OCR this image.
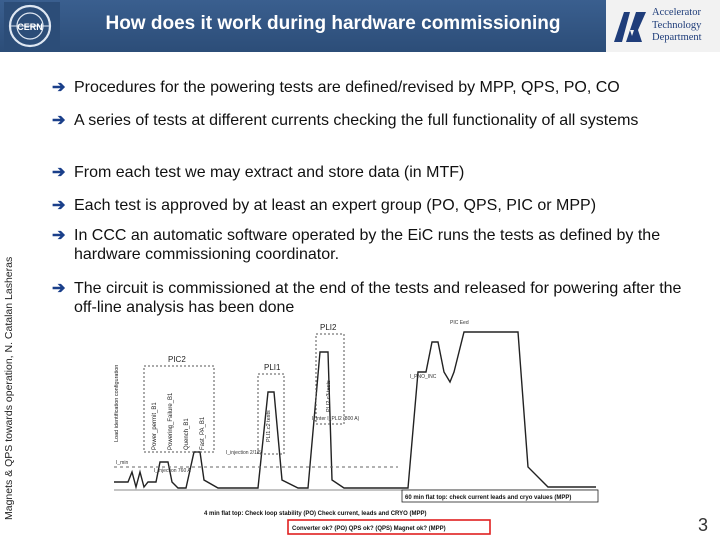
CERN	How does it work during hardware commissioning
Accelerator
Technology
Department
Magnets & QPS towards operation, N. Catalan Lasheras
➔ Procedures for the powering tests are defined/revised by MPP, QPS, PO, CO
➔ A series of tests at different currents checking the full functionality of all systems
➔ From each test we may extract and store data (in MTF)
➔ Each test is approved by at least an expert group (PO, QPS, PIC or MPP)
➔ In CCC an automatic software operated by the EiC runs the tests as defined by the hardware commissioning coordinator.
➔ The circuit is commissioned at the end of the tests and released for powering after the off-line analysis has been done
PIC2
PLI1
PLI2
Load identification configuration	Power_permit_B1 Powering_Failure_B1 Quench_B1 Fast_PA_B1	PLI1.c2 tests
PLI2.c3 tests
I_injection 2/1/5
I_inter I_PLI2 (800 A)
I_PNO_INC
PIC Eed
I_min
I_injection 760 A
60 min flat top: check current leads and cryo values (MPP)
4 min flat top: Check loop stability (PO) Check current, leads and CRYO (MPP)
Converter ok? (PO) QPS ok? (QPS) Magnet ok? (MPP)	3
